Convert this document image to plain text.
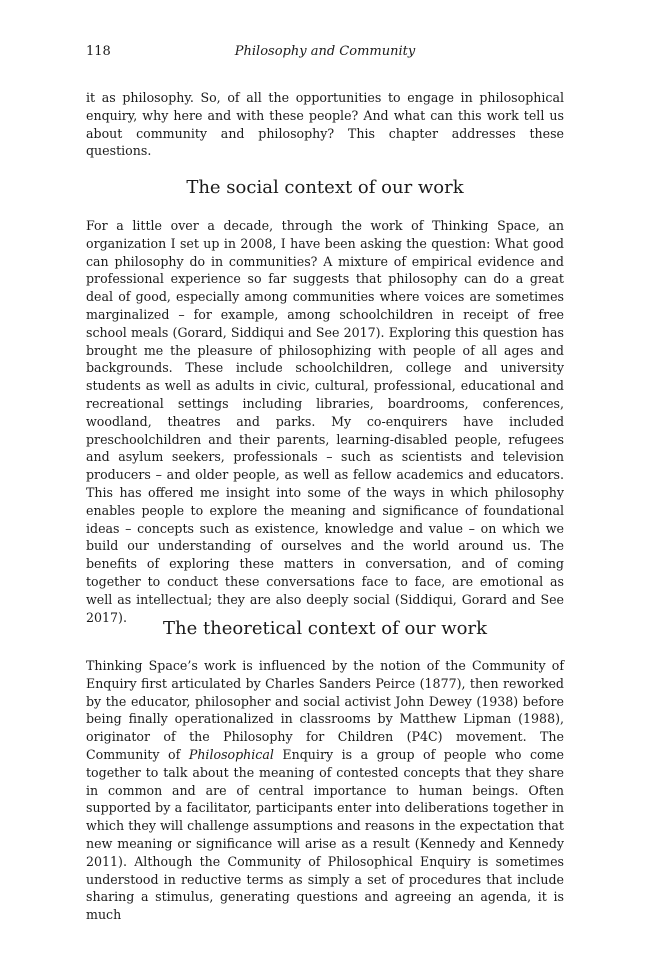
118	Philosophy and Community

it as philosophy. So, of all the opportunities to engage in philosophical enquiry, why here and with these people? And what can this work tell us about community and philosophy? This chapter addresses these questions.

The social context of our work

For a little over a decade, through the work of Thinking Space, an organization I set up in 2008, I have been asking the question: What good can philosophy do in communities? A mixture of empirical evidence and professional experience so far suggests that philosophy can do a great deal of good, especially among communities where voices are sometimes marginalized – for example, among schoolchildren in receipt of free school meals (Gorard, Siddiqui and See 2017). Exploring this question has brought me the pleasure of philosophizing with people of all ages and backgrounds. These include schoolchildren, college and university students as well as adults in civic, cultural, professional, educational and recreational settings including libraries, boardrooms, conferences, woodland, theatres and parks. My co-enquirers have included preschoolchildren and their parents, learning-disabled people, refugees and asylum seekers, professionals – such as scientists and television producers – and older people, as well as fellow academics and educators. This has offered me insight into some of the ways in which philosophy enables people to explore the meaning and significance of foundational ideas – concepts such as existence, knowledge and value – on which we build our understanding of ourselves and the world around us. The benefits of exploring these matters in conversation, and of coming together to conduct these conversations face to face, are emotional as well as intellectual; they are also deeply social (Siddiqui, Gorard and See 2017).

The theoretical context of our work

Thinking Space’s work is influenced by the notion of the Community of Enquiry first articulated by Charles Sanders Peirce (1877), then reworked by the educator, philosopher and social activist John Dewey (1938) before being finally operationalized in classrooms by Matthew Lipman (1988), originator of the Philosophy for Children (P4C) movement. The Community of Philosophical Enquiry is a group of people who come together to talk about the meaning of contested concepts that they share in common and are of central importance to human beings. Often supported by a facilitator, participants enter into deliberations together in which they will challenge assumptions and reasons in the expectation that new meaning or significance will arise as a result (Kennedy and Kennedy 2011). Although the Community of Philosophical Enquiry is sometimes understood in reductive terms as simply a set of procedures that include sharing a stimulus, generating questions and agreeing an agenda, it is much
